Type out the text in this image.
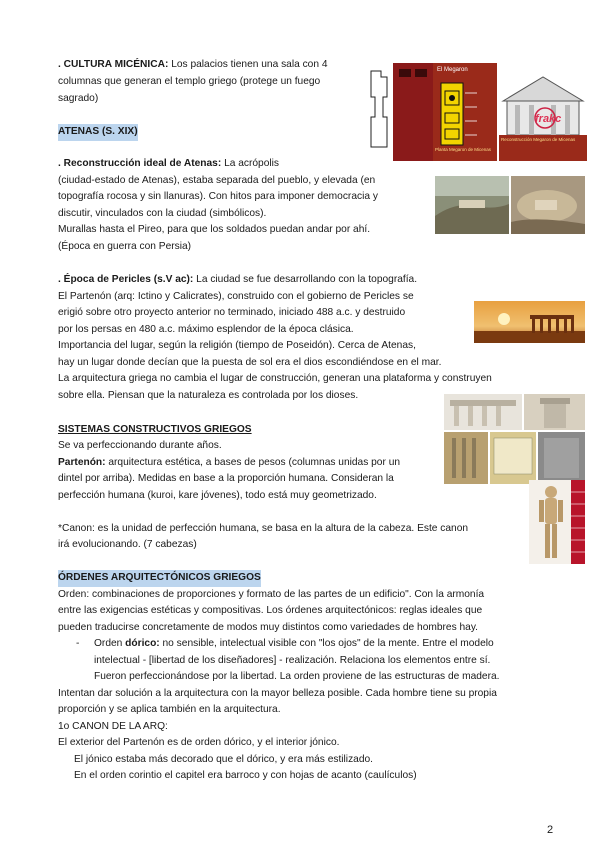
. CULTURA MICÉNICA: Los palacios tienen una sala con 4
columnas que generan el templo griego (protege un fuego
sagrado)
El Megaron
frakc
Reconstrucción Megaron de Micenas
Planta Megaron de Micenas
ATENAS (S. XIX)
. Reconstrucción ideal de Atenas: La acrópolis
(ciudad-estado de Atenas), estaba separada del pueblo, y elevada (en
topografía rocosa y sin llanuras). Con hitos para imponer democracia y
discutir, vinculados con la ciudad (simbólicos).
Murallas hasta el Pireo, para que los soldados puedan andar por ahí.
(Época en guerra con Persia)
. Época de Pericles (s.V ac): La ciudad se fue desarrollando con la topografía.
El Partenón (arq: Ictino y Calicrates), construido con el gobierno de Pericles se
erigió sobre otro proyecto anterior no terminado, iniciado 488 a.c. y destruido
por los persas en 480 a.c. máximo esplendor de la época clásica.
Importancia del lugar, según la religión (tiempo de Poseidón). Cerca de Atenas,
hay un lugar donde decían que la puesta de sol era el dios escondiéndose en el mar.
La arquitectura griega no cambia el lugar de construcción, generan una plataforma y construyen
sobre ella. Piensan que la naturaleza es controlada por los dioses.
SISTEMAS CONSTRUCTIVOS GRIEGOS
Se va perfeccionando durante años.
Partenón: arquitectura estética, a bases de pesos (columnas unidas por un
dintel por arriba). Medidas en base a la proporción humana. Consideran la
perfección humana (kuroi, kare jóvenes), todo está muy geometrizado.
*Canon: es la unidad de perfección humana, se basa en la altura de la cabeza. Este canon
irá evolucionando. (7 cabezas)
ÓRDENES ARQUITECTÓNICOS GRIEGOS
Orden: combinaciones de proporciones y formato de las partes de un edificio". Con la armonía
entre las exigencias estéticas y compositivas. Los órdenes arquitectónicos: reglas ideales que
pueden traducirse concretamente de modos muy distintos como variedades de hombres hay.
- Orden dórico: no sensible, intelectual visible con "los ojos" de la mente. Entre el modelo
intelectual - [libertad de los diseñadores] - realización. Relaciona los elementos entre sí.
Fueron perfeccionándose por la libertad. La orden proviene de las estructuras de madera.
Intentan dar solución a la arquitectura con la mayor belleza posible. Cada hombre tiene su propia
proporción y se aplica también en la arquitectura.
1o CANON DE LA ARQ:
El exterior del Partenón es de orden dórico, y el interior jónico.
El jónico estaba más decorado que el dórico, y era más estilizado.
En el orden corintio el capitel era barroco y con hojas de acanto (caulículos)
2
